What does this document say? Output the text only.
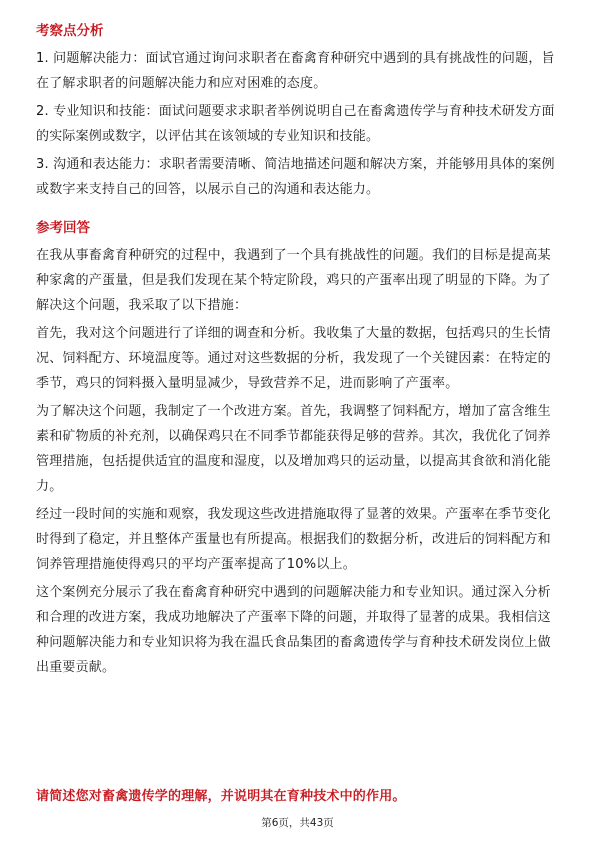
考察点分析
1. 问题解决能力：面试官通过询问求职者在畜禽育种研究中遇到的具有挑战性的问题，旨在了解求职者的问题解决能力和应对困难的态度。
2. 专业知识和技能：面试问题要求求职者举例说明自己在畜禽遗传学与育种技术研发方面的实际案例或数字，以评估其在该领域的专业知识和技能。
3. 沟通和表达能力：求职者需要清晰、简洁地描述问题和解决方案，并能够用具体的案例或数字来支持自己的回答，以展示自己的沟通和表达能力。
参考回答
在我从事畜禽育种研究的过程中，我遇到了一个具有挑战性的问题。我们的目标是提高某种家禽的产蛋量，但是我们发现在某个特定阶段，鸡只的产蛋率出现了明显的下降。为了解决这个问题，我采取了以下措施：
首先，我对这个问题进行了详细的调查和分析。我收集了大量的数据，包括鸡只的生长情况、饲料配方、环境温度等。通过对这些数据的分析，我发现了一个关键因素：在特定的季节，鸡只的饲料摄入量明显减少，导致营养不足，进而影响了产蛋率。
为了解决这个问题，我制定了一个改进方案。首先，我调整了饲料配方，增加了富含维生素和矿物质的补充剂，以确保鸡只在不同季节都能获得足够的营养。其次，我优化了饲养管理措施，包括提供适宜的温度和湿度，以及增加鸡只的运动量，以提高其食欲和消化能力。
经过一段时间的实施和观察，我发现这些改进措施取得了显著的效果。产蛋率在季节变化时得到了稳定，并且整体产蛋量也有所提高。根据我们的数据分析，改进后的饲料配方和饲养管理措施使得鸡只的平均产蛋率提高了10%以上。
这个案例充分展示了我在畜禽育种研究中遇到的问题解决能力和专业知识。通过深入分析和合理的改进方案，我成功地解决了产蛋率下降的问题，并取得了显著的成果。我相信这种问题解决能力和专业知识将为我在温氏食品集团的畜禽遗传学与育种技术研发岗位上做出重要贡献。
请简述您对畜禽遗传学的理解，并说明其在育种技术中的作用。
第6页，共43页
